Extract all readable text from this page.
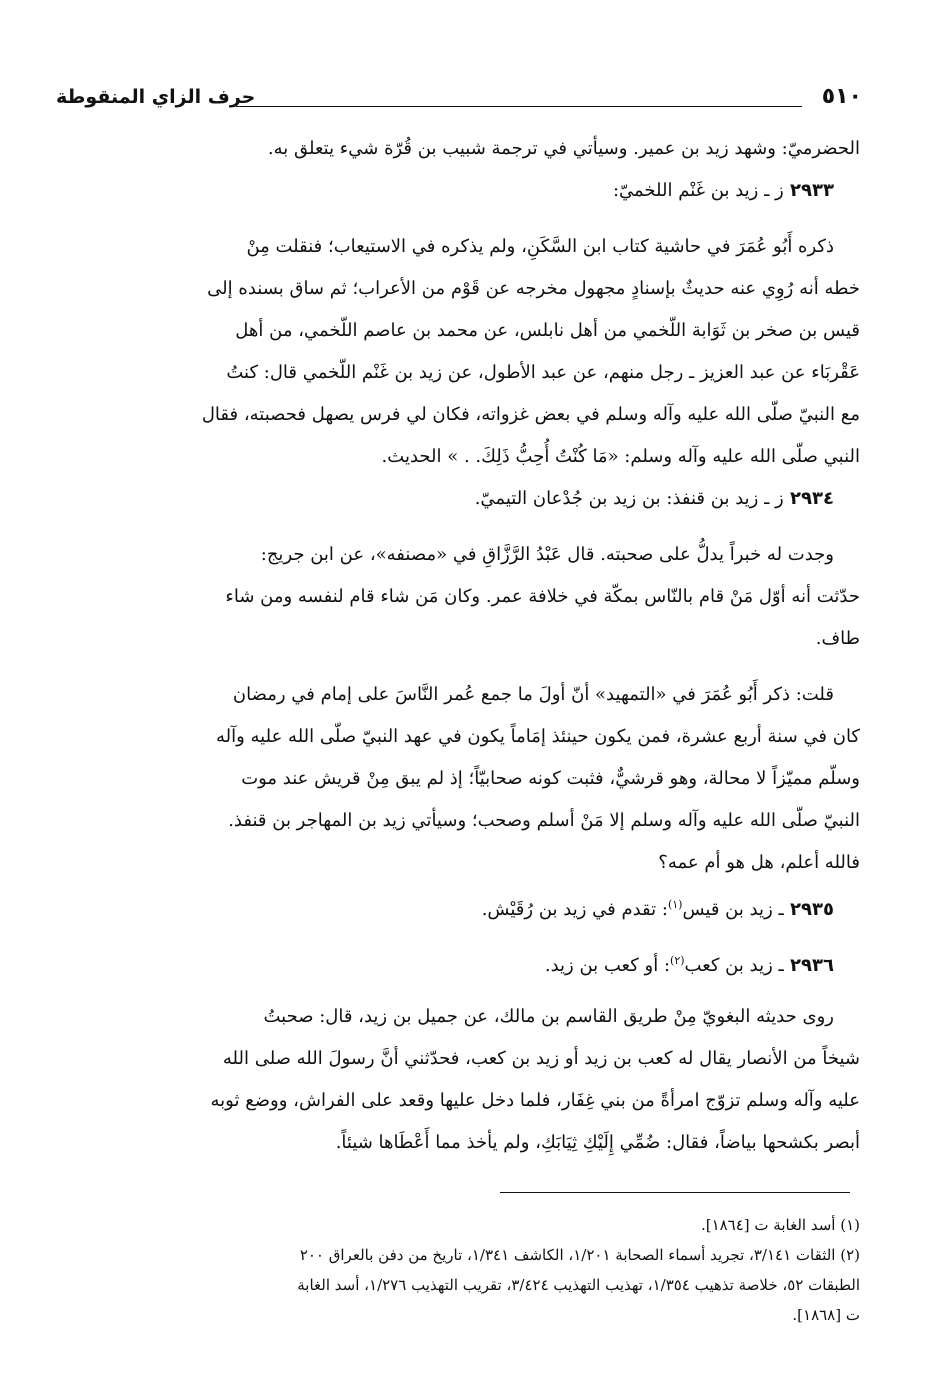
٥١٠
حرف الزاي المنقوطة
الحضرميّ: وشهد زيد بن عمير. وسيأتي في ترجمة شبيب بن قُرّة شيء يتعلق به.
٢٩٣٣ ز ـ زيد بن غَنْم اللخميّ:
ذكره أَبُو عُمَرَ في حاشية كتاب ابن السَّكَنِ، ولم يذكره في الاستيعاب؛ فنقلت مِنْ
خطه أنه رُوِي عنه حديثٌ بإسنادٍ مجهول مخرجه عن قَوْم من الأعراب؛ ثم ساق بسنده إلى
قيس بن صخر بن ثَوَابة اللّخمي من أهل نابلس، عن محمد بن عاصم اللّخمي، من أهل
عَقْربَاء عن عبد العزيز ـ رجل منهم، عن عبد الأطول، عن زيد بن غَنْم اللّخمي قال: كنتُ
مع النبيّ صلّى الله عليه وآله وسلم في بعض غزواته، فكان لي فرس يصهل فحصبته، فقال
النبي صلّى الله عليه وآله وسلم: «مَا كُنْتُ أُحِبُّ ذَلِكَ. . » الحديث.
٢٩٣٤ ز ـ زيد بن قنفذ: بن زيد بن جُدْعان التيميّ.
وجدت له خبراً يدلُّ على صحبته. قال عَبْدُ الرَّزَّاقِ في «مصنفه»، عن ابن جريج:
حدّثت أنه أوّل مَنْ قام بالنّاس بمكّة في خلافة عمر. وكان مَن شاء قام لنفسه ومن شاء
طاف.
قلت: ذكر أَبُو عُمَرَ في «التمهيد» أنّ أولَ ما جمع عُمر النَّاسَ على إمام في رمضان
كان في سنة أربع عشرة، فمن يكون حينئذ إمَاماً يكون في عهد النبيّ صلّى الله عليه وآله
وسلّم مميّزاً لا محالة، وهو قرشيٌّ، فثبت كونه صحابيّاً؛ إذ لم يبق مِنْ قريش عند موت
النبيّ صلّى الله عليه وآله وسلم إلا مَنْ أسلم وصحب؛ وسيأتي زيد بن المهاجر بن قنفذ.
فالله أعلم، هل هو أم عمه؟
٢٩٣٥ ـ زيد بن قيس$^{(١)}$: تقدم في زيد بن رُقَيْش.
٢٩٣٦ ـ زيد بن كعب$^{(٢)}$: أو كعب بن زيد.
روى حديثه البغويّ مِنْ طريق القاسم بن مالك، عن جميل بن زيد، قال: صحبتُ
شيخاً من الأنصار يقال له كعب بن زيد أو زيد بن كعب، فحدّثني أنَّ رسولَ الله صلى الله
عليه وآله وسلم تزوّج امرأةً من بني غِفَار، فلما دخل عليها وقعد على الفراش، ووضع ثوبه
أبصر بكشحها بياضاً، فقال: ضُمِّي إِلَيْكِ ثِيَابَكِ، ولم يأخذ مما أَعْطَاها شيئاً.
(١) أسد الغابة ت [١٨٦٤].
(٢) الثقات ٣/١٤١، تجريد أسماء الصحابة ١/٢٠١، الكاشف ١/٣٤١، تاريخ من دفن بالعراق ٢٠٠
الطبقات ٥٢، خلاصة تذهيب ١/٣٥٤، تهذيب التهذيب ٣/٤٢٤، تقريب التهذيب ١/٢٧٦، أسد الغابة
ت [١٨٦٨].
